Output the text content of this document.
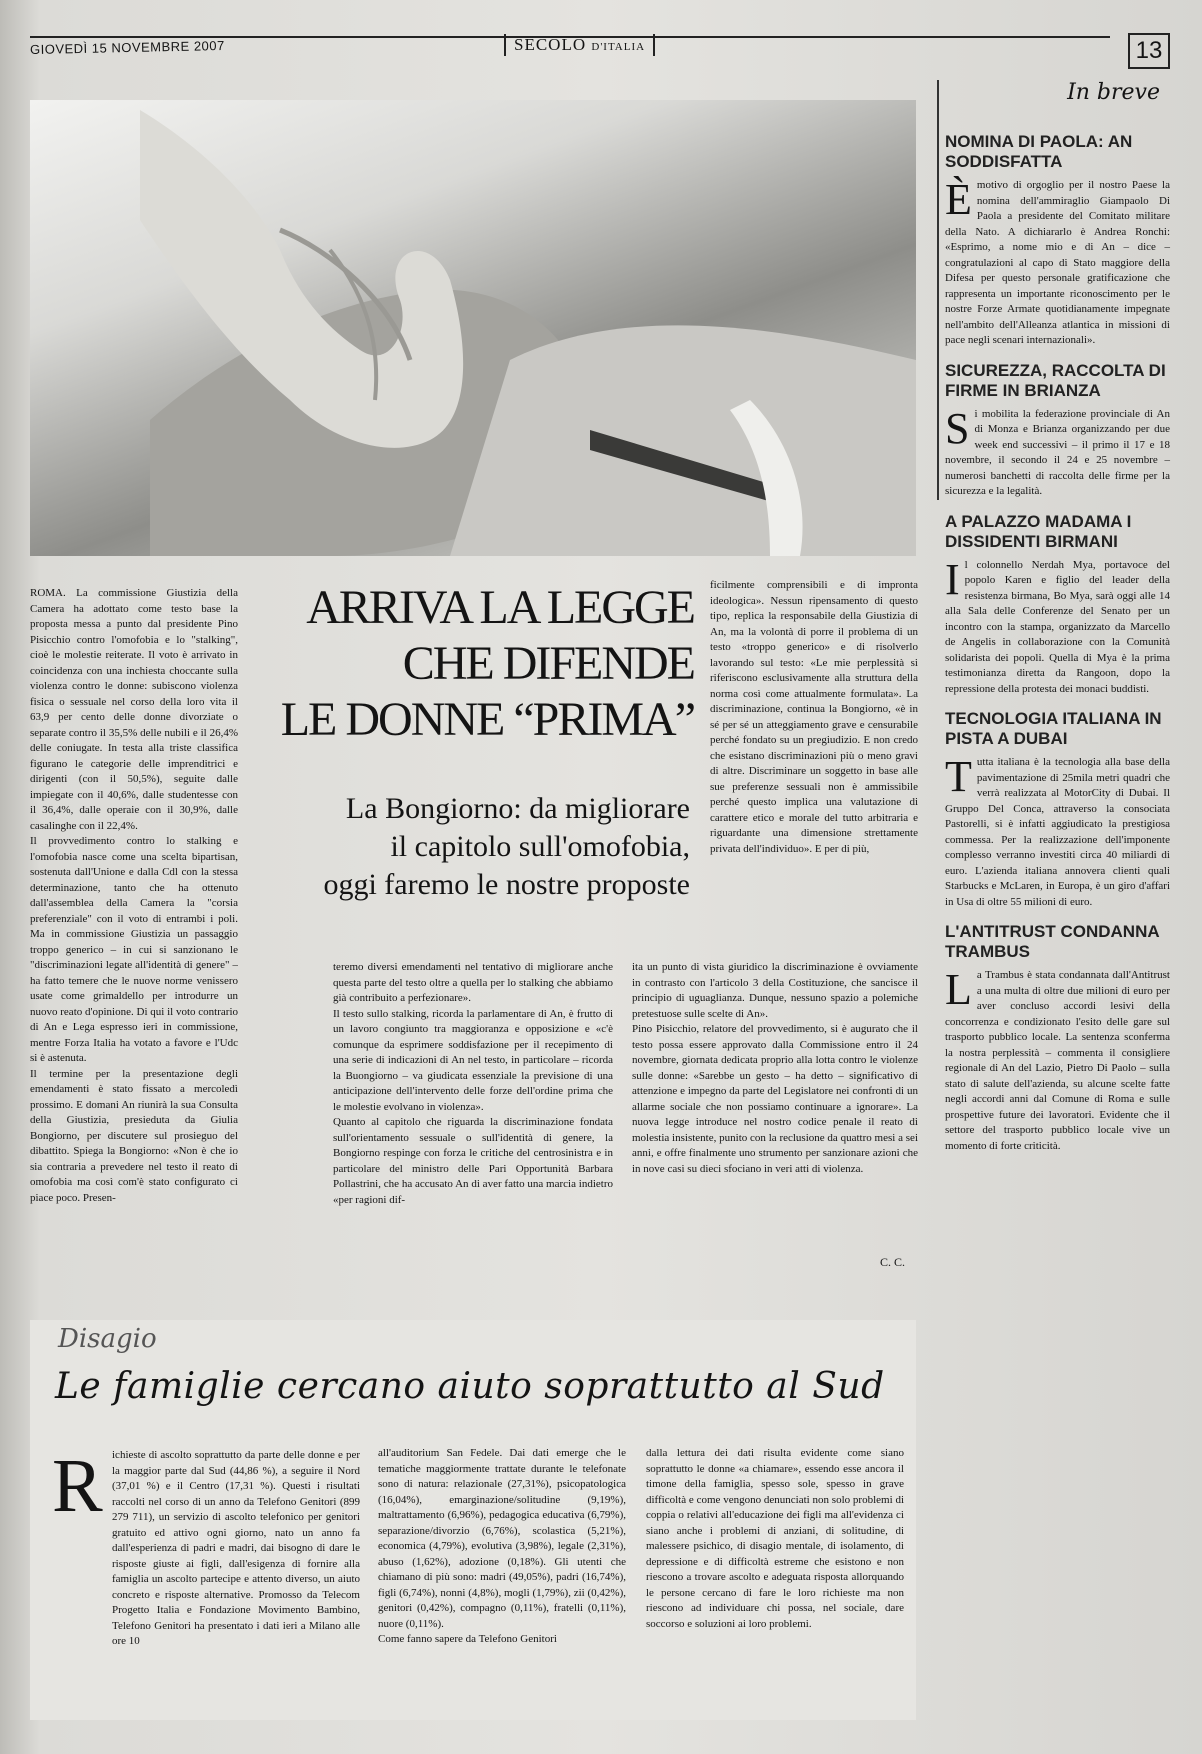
GIOVEDÌ 15 NOVEMBRE 2007	SECOLO D'ITALIA	13
In breve
NOMINA DI PAOLA: AN SODDISFATTA
È motivo di orgoglio per il nostro Paese la nomina dell'ammiraglio Giampaolo Di Paola a presidente del Comitato militare della Nato. A dichiararlo è Andrea Ronchi: «Esprimo, a nome mio e di An – dice – congratulazioni al capo di Stato maggiore della Difesa per questo personale gratificazione che rappresenta un importante riconoscimento per le nostre Forze Armate quotidianamente impegnate nell'ambito dell'Alleanza atlantica in missioni di pace negli scenari internazionali».
SICUREZZA, RACCOLTA DI FIRME IN BRIANZA
Si mobilita la federazione provinciale di An di Monza e Brianza organizzando per due week end successivi – il primo il 17 e 18 novembre, il secondo il 24 e 25 novembre – numerosi banchetti di raccolta delle firme per la sicurezza e la legalità.
A PALAZZO MADAMA I DISSIDENTI BIRMANI
Il colonnello Nerdah Mya, portavoce del popolo Karen e figlio del leader della resistenza birmana, Bo Mya, sarà oggi alle 14 alla Sala delle Conferenze del Senato per un incontro con la stampa, organizzato da Marcello de Angelis in collaborazione con la Comunità solidarista dei popoli. Quella di Mya è la prima testimonianza diretta da Rangoon, dopo la repressione della protesta dei monaci buddisti.
TECNOLOGIA ITALIANA IN PISTA A DUBAI
Tutta italiana è la tecnologia alla base della pavimentazione di 25mila metri quadri che verrà realizzata al MotorCity di Dubai. Il Gruppo Del Conca, attraverso la consociata Pastorelli, si è infatti aggiudicato la prestigiosa commessa. Per la realizzazione dell'imponente complesso verranno investiti circa 40 miliardi di euro. L'azienda italiana annovera clienti quali Starbucks e McLaren, in Europa, è un giro d'affari in Usa di oltre 55 milioni di euro.
L'ANTITRUST CONDANNA TRAMBUS
La Trambus è stata condannata dall'Antitrust a una multa di oltre due milioni di euro per aver concluso accordi lesivi della concorrenza e condizionato l'esito delle gare sul trasporto pubblico locale. La sentenza sconferma la nostra perplessità – commenta il consigliere regionale di An del Lazio, Pietro Di Paolo – sulla stato di salute dell'azienda, su alcune scelte fatte negli accordi anni dal Comune di Roma e sulle prospettive future dei lavoratori. Evidente che il settore del trasporto pubblico locale vive un momento di forte criticità.
ARRIVA LA LEGGE
CHE DIFENDE
LE DONNE “PRIMA”
La Bongiorno: da migliorare
il capitolo sull'omofobia,
oggi faremo le nostre proposte
ROMA. La commissione Giustizia della Camera ha adottato come testo base la proposta messa a punto dal presidente Pino Pisicchio contro l'omofobia e lo "stalking", cioè le molestie reiterate. Il voto è arrivato in coincidenza con una inchiesta choccante sulla violenza contro le donne: subiscono violenza fisica o sessuale nel corso della loro vita il 63,9 per cento delle donne divorziate o separate contro il 35,5% delle nubili e il 26,4% delle coniugate. In testa alla triste classifica figurano le categorie delle imprenditrici e dirigenti (con il 50,5%), seguite dalle impiegate con il 40,6%, dalle studentesse con il 36,4%, dalle operaie con il 30,9%, dalle casalinghe con il 22,4%.
Il provvedimento contro lo stalking e l'omofobia nasce come una scelta bipartisan, sostenuta dall'Unione e dalla Cdl con la stessa determinazione, tanto che ha ottenuto dall'assemblea della Camera la "corsia preferenziale" con il voto di entrambi i poli. Ma in commissione Giustizia un passaggio troppo generico – in cui si sanzionano le "discriminazioni legate all'identità di genere" – ha fatto temere che le nuove norme venissero usate come grimaldello per introdurre un nuovo reato d'opinione. Di qui il voto contrario di An e Lega espresso ieri in commissione, mentre Forza Italia ha votato a favore e l'Udc si è astenuta.
Il termine per la presentazione degli emendamenti è stato fissato a mercoledì prossimo. E domani An riunirà la sua Consulta della Giustizia, presieduta da Giulia Bongiorno, per discutere sul prosieguo del dibattito. Spiega la Bongiorno: «Non è che io sia contraria a prevedere nel testo il reato di omofobia ma così com'è stato configurato ci piace poco. Presen-
teremo diversi emendamenti nel tentativo di migliorare anche questa parte del testo oltre a quella per lo stalking che abbiamo già contribuito a perfezionare».
Il testo sullo stalking, ricorda la parlamentare di An, è frutto di un lavoro congiunto tra maggioranza e opposizione e «c'è comunque da esprimere soddisfazione per il recepimento di una serie di indicazioni di An nel testo, in particolare – ricorda la Buongiorno – va giudicata essenziale la previsione di una anticipazione dell'intervento delle forze dell'ordine prima che le molestie evolvano in violenza».
Quanto al capitolo che riguarda la discriminazione fondata sull'orientamento sessuale o sull'identità di genere, la Bongiorno respinge con forza le critiche del centrosinistra e in particolare del ministro delle Pari Opportunità Barbara Pollastrini, che ha accusato An di aver fatto una marcia indietro «per ragioni dif-
ficilmente comprensibili e di impronta ideologica». Nessun ripensamento di questo tipo, replica la responsabile della Giustizia di An, ma la volontà di porre il problema di un testo «troppo generico» e di risolverlo lavorando sul testo: «Le mie perplessità si riferiscono esclusivamente alla struttura della norma così come attualmente formulata». La discriminazione, continua la Bongiorno, «è in sé per sé un atteggiamento grave e censurabile perché fondato su un pregiudizio. E non credo che esistano discriminazioni più o meno gravi di altre. Discriminare un soggetto in base alle sue preferenze sessuali non è ammissibile perché questo implica una valutazione di carattere etico e morale del tutto arbitraria e riguardante una dimensione strettamente privata dell'individuo». E per di più,
ita un punto di vista giuridico la discriminazione è ovviamente in contrasto con l'articolo 3 della Costituzione, che sancisce il principio di uguaglianza. Dunque, nessuno spazio a polemiche pretestuose sulle scelte di An».
Pino Pisicchio, relatore del provvedimento, si è augurato che il testo possa essere approvato dalla Commissione entro il 24 novembre, giornata dedicata proprio alla lotta contro le violenze sulle donne: «Sarebbe un gesto – ha detto – significativo di attenzione e impegno da parte del Legislatore nei confronti di un allarme sociale che non possiamo continuare a ignorare». La nuova legge introduce nel nostro codice penale il reato di molestia insistente, punito con la reclusione da quattro mesi a sei anni, e offre finalmente uno strumento per sanzionare azioni che in nove casi su dieci sfociano in veri atti di violenza.
C. C.
Disagio
Le famiglie cercano aiuto soprattutto al Sud
R ichieste di ascolto soprattutto da parte delle donne e per la maggior parte dal Sud (44,86 %), a seguire il Nord (37,01 %) e il Centro (17,31 %). Questi i risultati raccolti nel corso di un anno da Telefono Genitori (899 279 711), un servizio di ascolto telefonico per genitori gratuito ed attivo ogni giorno, nato un anno fa dall'esperienza di padri e madri, dai bisogno di dare le risposte giuste ai figli, dall'esigenza di fornire alla famiglia un ascolto partecipe e attento diverso, un aiuto concreto e risposte alternative. Promosso da Telecom Progetto Italia e Fondazione Movimento Bambino, Telefono Genitori ha presentato i dati ieri a Milano alle ore 10
all'auditorium San Fedele. Dai dati emerge che le tematiche maggiormente trattate durante le telefonate sono di natura: relazionale (27,31%), psicopatologica (16,04%), emarginazione/solitudine (9,19%), maltrattamento (6,96%), pedagogica educativa (6,79%), separazione/divorzio (6,76%), scolastica (5,21%), economica (4,79%), evolutiva (3,98%), legale (2,31%), abuso (1,62%), adozione (0,18%). Gli utenti che chiamano di più sono: madri (49,05%), padri (16,74%), figli (6,74%), nonni (4,8%), mogli (1,79%), zii (0,42%), genitori (0,42%), compagno (0,11%), fratelli (0,11%), nuore (0,11%).
Come fanno sapere da Telefono Genitori
dalla lettura dei dati risulta evidente come siano soprattutto le donne «a chiamare», essendo esse ancora il timone della famiglia, spesso sole, spesso in grave difficoltà e come vengono denunciati non solo problemi di coppia o relativi all'educazione dei figli ma all'evidenza ci siano anche i problemi di anziani, di solitudine, di malessere psichico, di disagio mentale, di isolamento, di depressione e di difficoltà estreme che esistono e non riescono a trovare ascolto e adeguata risposta allorquando le persone cercano di fare le loro richieste ma non riescono ad individuare chi possa, nel sociale, dare soccorso e soluzioni ai loro problemi.
